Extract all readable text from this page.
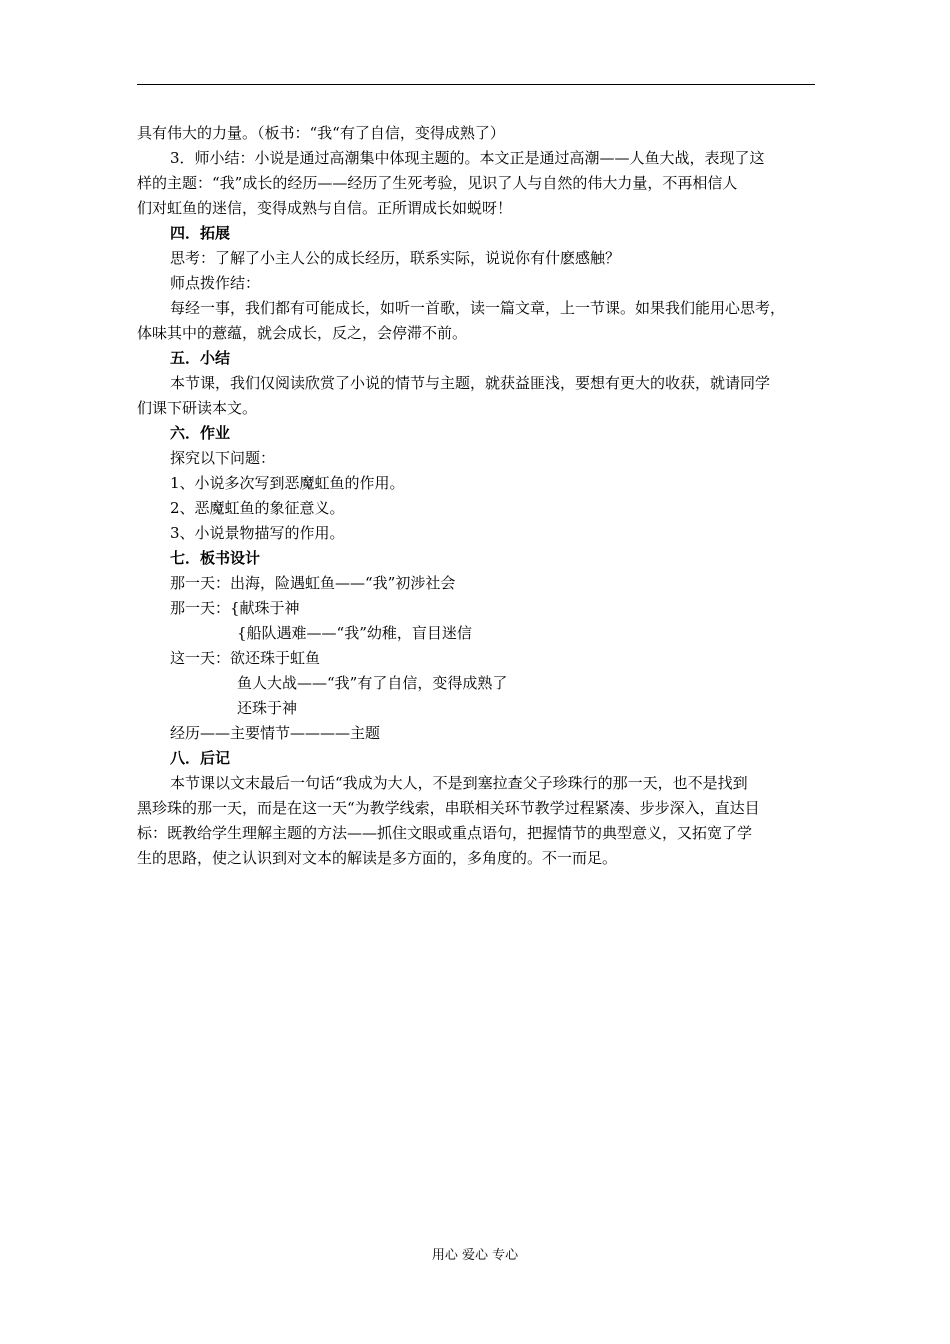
具有伟大的力量。（板书：“我“有了自信，变得成熟了）

3．师小结：小说是通过高潮集中体现主题的。本文正是通过高潮——人鱼大战，表现了这

样的主题：“我”成长的经历——经历了生死考验，见识了人与自然的伟大力量，不再相信人

们对虹鱼的迷信，变得成熟与自信。正所谓成长如蜕呀！

四．拓展

思考：了解了小主人公的成长经历，联系实际，说说你有什麽感触？

师点拨作结：

每经一事，我们都有可能成长，如听一首歌，读一篇文章，上一节课。如果我们能用心思考，

体味其中的薏蕴，就会成长，反之，会停滞不前。

五．小结

本节课，我们仅阅读欣赏了小说的情节与主题，就获益匪浅，要想有更大的收获，就请同学

们课下研读本文。

六．作业

探究以下问题：

1、小说多次写到恶魔虹鱼的作用。

2、恶魔虹鱼的象征意义。

3、小说景物描写的作用。

七．板书设计

那一天：出海，险遇虹鱼——“我”初涉社会

那一天：{献珠于神

{船队遇难——“我”幼稚，盲目迷信

这一天：欲还珠于虹鱼

鱼人大战——“我”有了自信，变得成熟了

还珠于神

经历——主要情节————主题

八．后记

本节课以文末最后一句话“我成为大人，不是到塞拉查父子珍珠行的那一天，也不是找到

黑珍珠的那一天，而是在这一天“为教学线索，串联相关环节教学过程紧凑、步步深入，直达目

标：既教给学生理解主题的方法——抓住文眼或重点语句，把握情节的典型意义，又拓宽了学

生的思路，使之认识到对文本的解读是多方面的，多角度的。不一而足。

用心 爱心 专心
